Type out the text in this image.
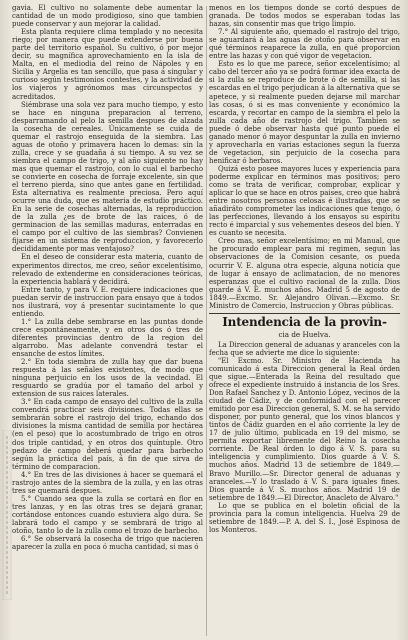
gavia. El cultivo no solamente debe aumentar la cantidad de un modo prodigioso, sino que tambien puede conservar y aun mejorar la calidad.

Esta planta requiere clima templado y no necesita riego; por manera que puede extenderse por buena parte del territorio español. Su cultivo, ó por mejor decir, su magnífica aprovechamiento en la isla de Malta, en el mediodia del reino de Nápoles y en Sicilia y Argelia es tan sencillo, que pasa á singular y curioso según testimonios contestes, y la actividad de los viajeros y agrónomos mas circunspectos y acreditados.

Siémbrase una sola vez para mucho tiempo, y esto se hace en ninguna preparacion al terreno, desparramando al pelo la semilla despues de alzada la cosecha de cereales. Únicamente se cuida de quemar el rastrojo enseguida de la siembra. Las aguas de otoño y primavera hacen lo demas: sin la zulla, crece y se guadaña á su tiempo. A su vez se siembra el campo de trigo, y al año siguiente no hay mas que quemar el rastrojo, con lo cual el barbecho se convierte en cosecha de forraje excelente, sin que el terreno pierda, sino que antes gane en fertilidad. Esta alternativa es realmente preciosa. Pero aquí ocurre una duda, que es materia de estudio práctico. En la serie de cosechas alternadas, la reproduccion de la zulla ¿es de brote de las raices, ó de germinacion de las semillas maduras, enterradas en el campo por el cultivo de las siembras? Convienen fijarse en un sistema de reproduccion, y favorecerlo decididamente por mas ventajoso?

En el deseo de considerar esta materia, cuanto de experimentos directos, me creo, señor excelentísimo, relevado de extenderme en consideraciones teóricas, la experiencia hablará y decidirá.

Entre tanto, y para V. E. requiere indicaciones que puedan servir de instruccion para ensayo que á todos nos ilustrará, voy á presentar sucintamente lo que entiendo.

1.° La zulla debe sembrarse en las puntas donde crece espontáneamente, y en otros dos ó tres de diferentes provincias dentro de la region del algarrobo. Mas adelante convendrá testar el ensanche de estos límites.

2.° En toda siembra de zulla hay que dar buena respuesta á las señales existentes, de modo que ninguna perjuicio en los usos de la vecindad. El resguardo se gradúa por el tamaño del arbol y extension de sus raices laterales.

3.° En cada campo de ensayo del cultivo de la zulla convendrá practicar seis divisiones. Todas ellas se sembrarán sobre el rastrojo del trigo, echando dos divisiones la misma cantidad de semilla por hectárea (en el peso) que lo acostumbrado de trigo en otros dos triple cantidad, y en otros dos quíntuple. Otro pedazo de campo deberá quedar para barbecho según la práctica del país, á fin de que sirva de término de comparacion.

4.° En tres de las divisiones á hacer se quemará el rastrojo antes de la siembra de la zulla, y en las otras tres se quemará despues.

5.° Cuando sea que la zulla se cortará en flor en tres lanzas, y en las otras tres se dejará granar, cortándose entonces cuando estuviera algo dura. Se labrará todo el campo y se sembrará de trigo al otoño, tanto lo de la zulla como el trozo de barbecho.

6.° Se observará la cosecha de trigo que nacieren aparecer la zulla en poca ó mucha cantidad, si mas ó

menos en los tiempos donde se cortó despues de granada. De todos modos se esperaban todas las hazas, sin consentir mas que trigo limpio.

7.° Al siguiente año, quemado el rastrojo del trigo, se aguardará á las aguas de otoño para observar en qué términos reaparece la zulla, en qué proporcion entre las hazas y con qué vigor de vegetacion.

Esto es lo que me parece, señor excelentísimo; al cabo del tercer año ya se podrá formar idea exacta de si la zulla se reproduce de brote ó de semilla, si las escardas en el trigo perjudican á la alternativa que se apetece, y si realmente pueden dejarse mil marchar las cosas, ó si es mas conveniente y económico la escarda, y recortar en campo de la siembra el pelo la zulla cada año de rastrojo del trigo. Tambien se puede ó debe observar hasta qué punto puede el ganado menor ó mayor despuntar la zulla en invierno y aprovecharla en varias estaciones segun la fuerza de vegetacion, sin perjuicio de la cosecha para henificar ó herbaros.

Quizá esto posee mayores luces y experiencia para poderme explicar en términos mas positivos; pero como se trata de verificar, comprobar, explicar y aplicar lo que se hace en otros paises, creo que habrá entre nosotros personas celosas é ilustradas, que se añadiráto comprometer las indicaciones que tengo, ó las perfecciones, llevando á los ensayos su espíritu recto é imparcial y sus vehementes deseos del bien. Y es cuanto se necesita.

Creo mas, señor excelentísimo; en mi Manual, que he procurado emplear para mi regimen, segun las observaciones de la Comision cesante, os pueda ocurrir V. E. alguna otra especie, alguna noticia que de lugar á ensayo de aclimatacion, de no menores esperanzas que el cultivo racional de la zulla. Dios guarde á V. E. muchos años. Madrid 5 de agosto de 1849.—Excmo. Sr. Alejandro Olivan.—Excmo. Sr. Ministro de Comercio, Instruccion y Obras públicas.

Intendencia de la provin-
cia de Huelva.

La Direccion general de aduanas y aranceles con la fecha que se advierte me dice lo siguiente:

"El Excmo. Sr. Ministro de Hacienda ha comunicado á esta Direccion general la Real órden que sigue.—Enterada la Reina del resultado que ofrece el expediente instruido á instancia de los Sres. Don Rafael Sanchez y D. Antonio López, vecinos de la ciudad de Cádiz, y de conformidad con el parecer emitido por esa Direccion general, S. M. se ha servido disponer, por punto general, que los vinos blancos y tintos de Cádiz guarden en el año corriente la ley de 17 de julio último, publicada en 19 del mismo, se permita exportar libremente del Reino la cosecha corriente. De Real órden lo digo á V. S. para su inteligencia y cumplimiento. Dios guarde á V. S. muchos años. Madrid 13 de setiembre de 1849.—Bravo Murillo.—Sr. Director general de aduanas y aranceles.—Y lo traslado á V. S. para iguales fines. Dios guarde á V. S. muchos años. Madrid 19 de setiembre de 1849.—El Director, Anacleto de Alvaro."

Lo que se publica en el boletin oficial de la provincia para la comun inteligencia. Huelva 29 de setiembre de 1849.—P. A. del S. I., José Espinosa de los Monteros.
